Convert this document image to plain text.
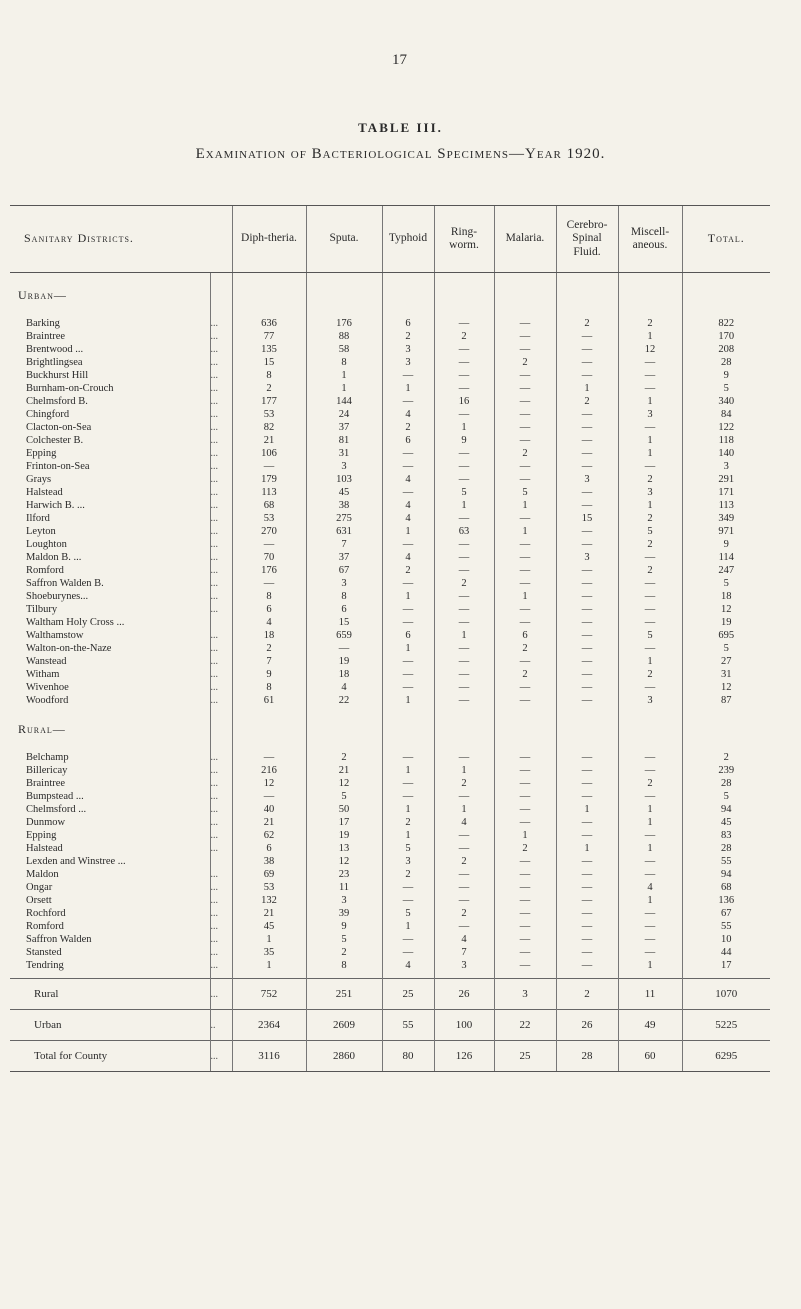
17
TABLE III.
Examination of Bacteriological Specimens—Year 1920.
Sanitary Districts.		Diph-theria.	Sputa.	Typhoid	Ring-worm.	Malaria.	Cerebro-Spinal Fluid.	Miscell-aneous.	Total.
Urban—									
Barking	...	636	176	6	—	—	2	2	822
Braintree	...	77	88	2	2	—	—	1	170
Brentwood ...	...	135	58	3	—	—	—	12	208
Brightlingsea	...	15	8	3	—	2	—	—	28
Buckhurst Hill	...	8	1	—	—	—	—	—	9
Burnham-on-Crouch	...	2	1	1	—	—	1	—	5
Chelmsford B.	...	177	144	—	16	—	2	1	340
Chingford	...	53	24	4	—	—	—	3	84
Clacton-on-Sea	...	82	37	2	1	—	—	—	122
Colchester B.	...	21	81	6	9	—	—	1	118
Epping	...	106	31	—	—	2	—	1	140
Frinton-on-Sea	...	—	3	—	—	—	—	—	3
Grays	...	179	103	4	—	—	3	2	291
Halstead	...	113	45	—	5	5	—	3	171
Harwich B. ...	...	68	38	4	1	1	—	1	113
Ilford	...	53	275	4	—	—	15	2	349
Leyton	...	270	631	1	63	1	—	5	971
Loughton	...	—	7	—	—	—	—	2	9
Maldon B. ...	...	70	37	4	—	—	3	—	114
Romford	...	176	67	2	—	—	—	2	247
Saffron Walden B.	...	—	3	—	2	—	—	—	5
Shoeburynes...	...	8	8	1	—	1	—	—	18
Tilbury	...	6	6	—	—	—	—	—	12
Waltham Holy Cross ...		4	15	—	—	—	—	—	19
Walthamstow	...	18	659	6	1	6	—	5	695
Walton-on-the-Naze	...	2	—	1	—	2	—	—	5
Wanstead	...	7	19	—	—	—	—	1	27
Witham	...	9	18	—	—	2	—	2	31
Wivenhoe	...	8	4	—	—	—	—	—	12
Woodford	...	61	22	1	—	—	—	3	87
Rural—									
Belchamp	...	—	2	—	—	—	—	—	2
Billericay	...	216	21	1	1	—	—	—	239
Braintree	...	12	12	—	2	—	—	2	28
Bumpstead ...	...	—	5	—	—	—	—	—	5
Chelmsford ...	...	40	50	1	1	—	1	1	94
Dunmow	...	21	17	2	4	—	—	1	45
Epping	...	62	19	1	—	1	—	—	83
Halstead	...	6	13	5	—	2	1	1	28
Lexden and Winstree ...		38	12	3	2	—	—	—	55
Maldon	...	69	23	2	—	—	—	—	94
Ongar	...	53	11	—	—	—	—	4	68
Orsett	...	132	3	—	—	—	—	1	136
Rochford	...	21	39	5	2	—	—	—	67
Romford	...	45	9	1	—	—	—	—	55
Saffron Walden	...	1	5	—	4	—	—	—	10
Stansted	...	35	2	—	7	—	—	—	44
Tendring	...	1	8	4	3	—	—	1	17

Rural	...	752	251	25	26	3	2	11	1070
Urban	..	2364	2609	55	100	22	26	49	5225
Total for County	...	3116	2860	80	126	25	28	60	6295
